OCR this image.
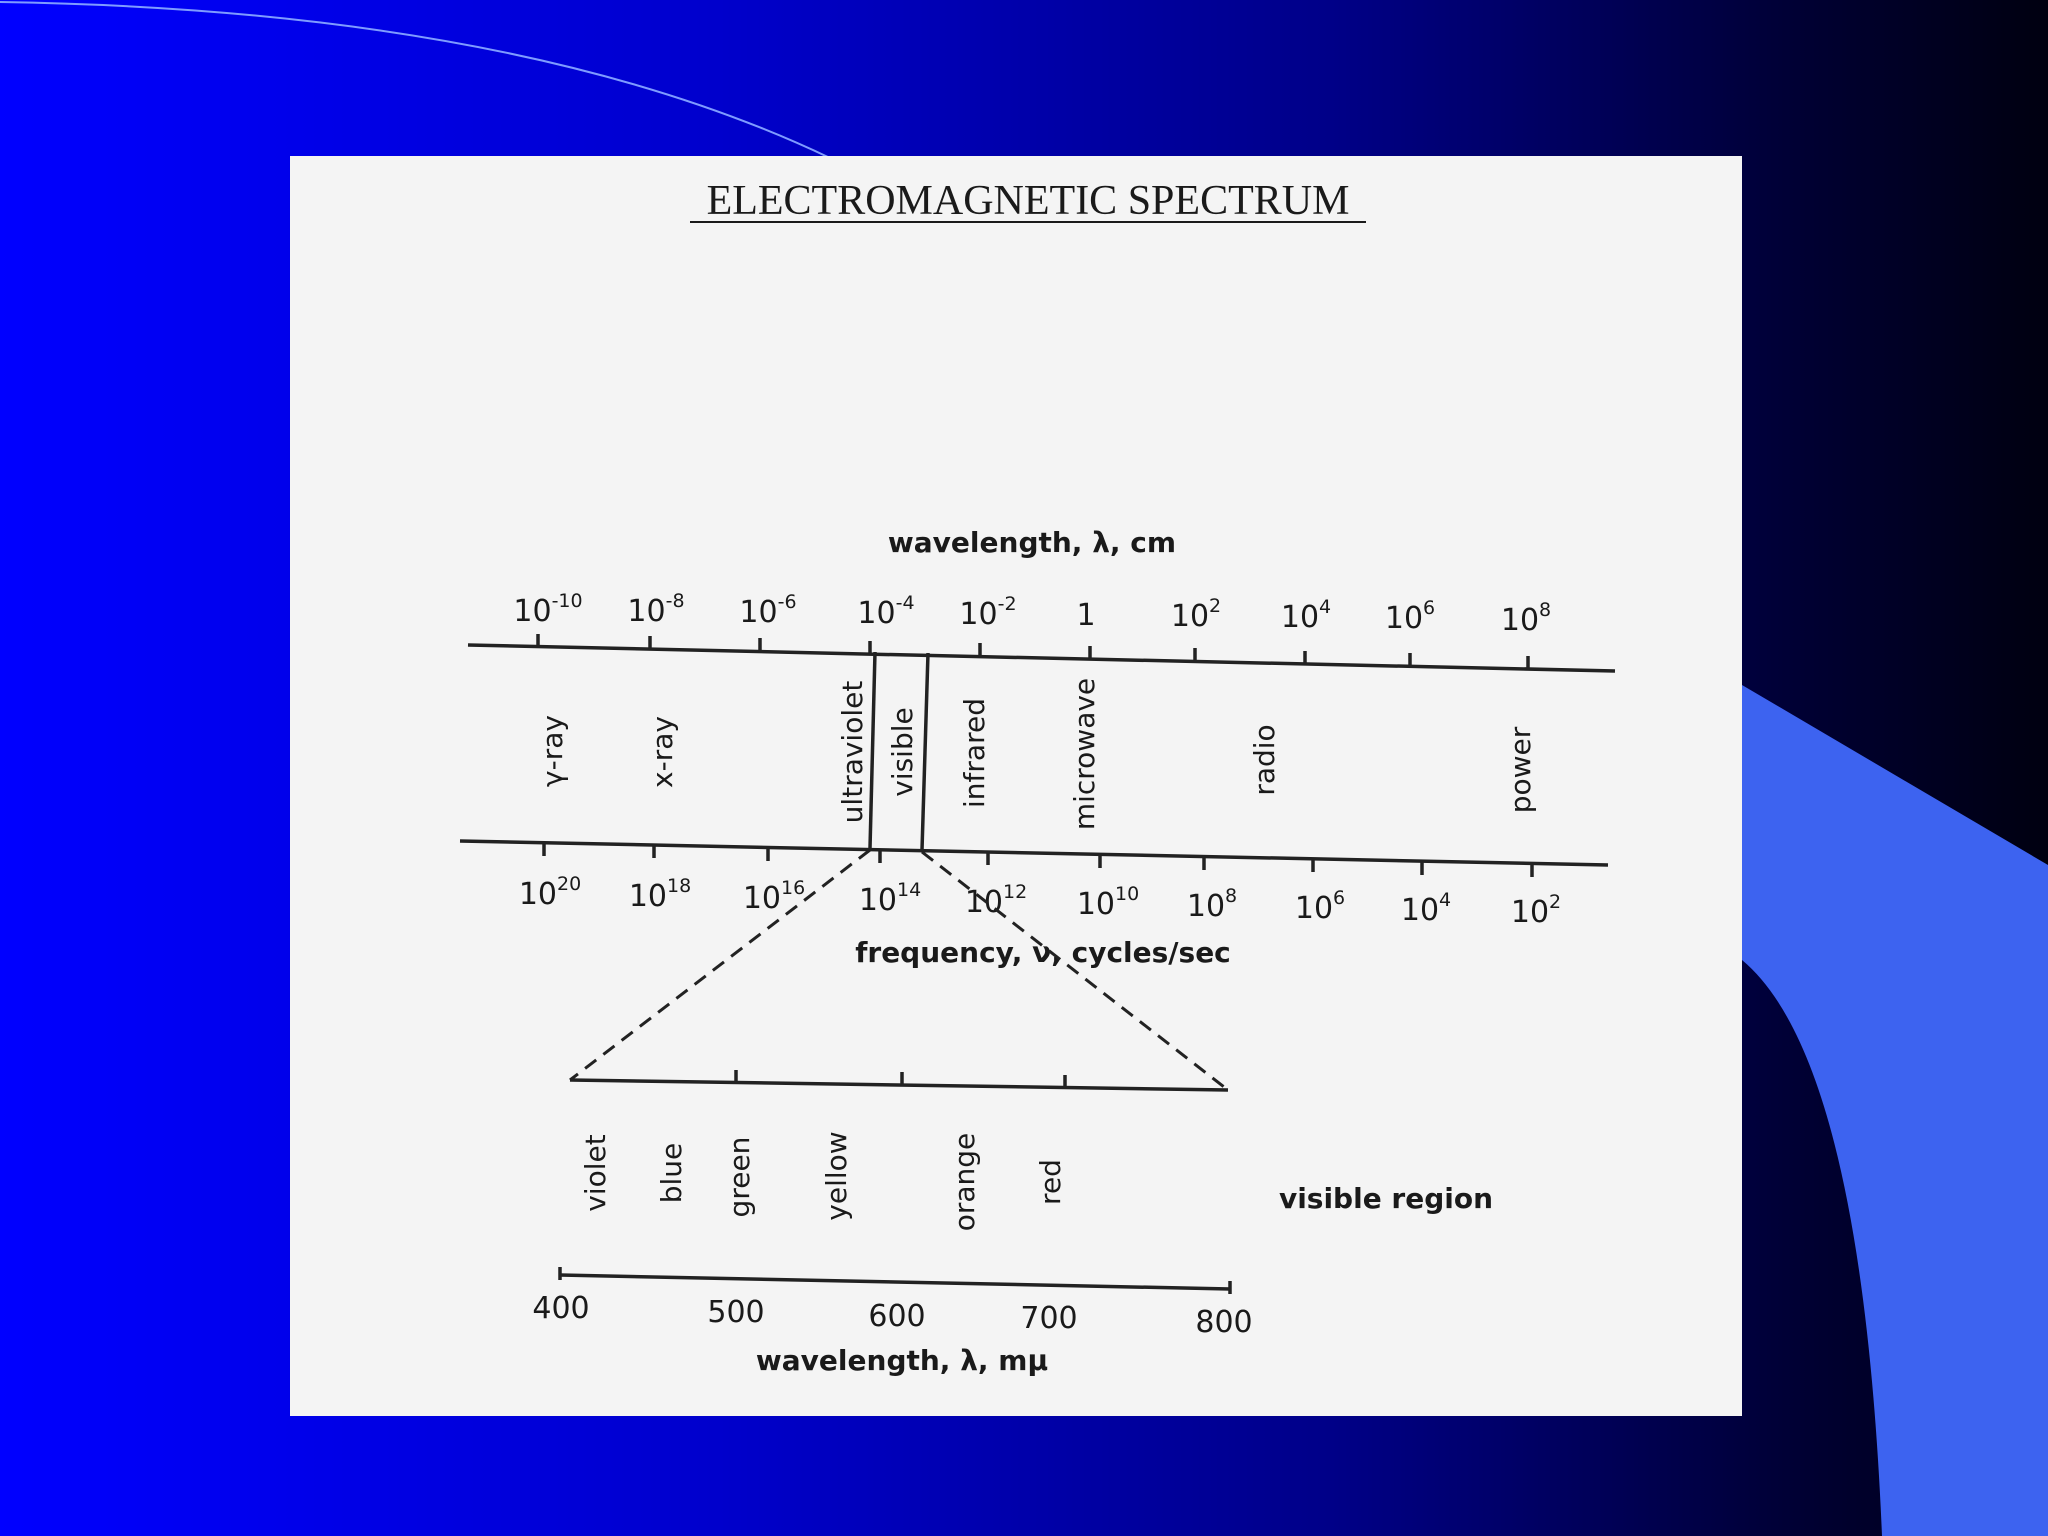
ELECTROMAGNETIC SPECTRUM
wavelength, λ, cm
$10^{-10}$ $10^{-8}$ $10^{-6}$ $10^{-4}$ $10^{-2}$ 1	$10^2$ $10^4$ $10^6$ $10^8$
γ-ray	x-ray	ultraviolet visible infrared	microwave	radio	power
$10^{20}$ $10^{18}$ $10^{16}$ $10^{14}$ $10^{12}$ $10^{10}$ $10^8$ $10^6$ $10^4$ $10^2$
frequency, ν, cycles/sec
violet blue green yellow	orange red	visible region
400	500	600	700	800
wavelength, λ, mμ
